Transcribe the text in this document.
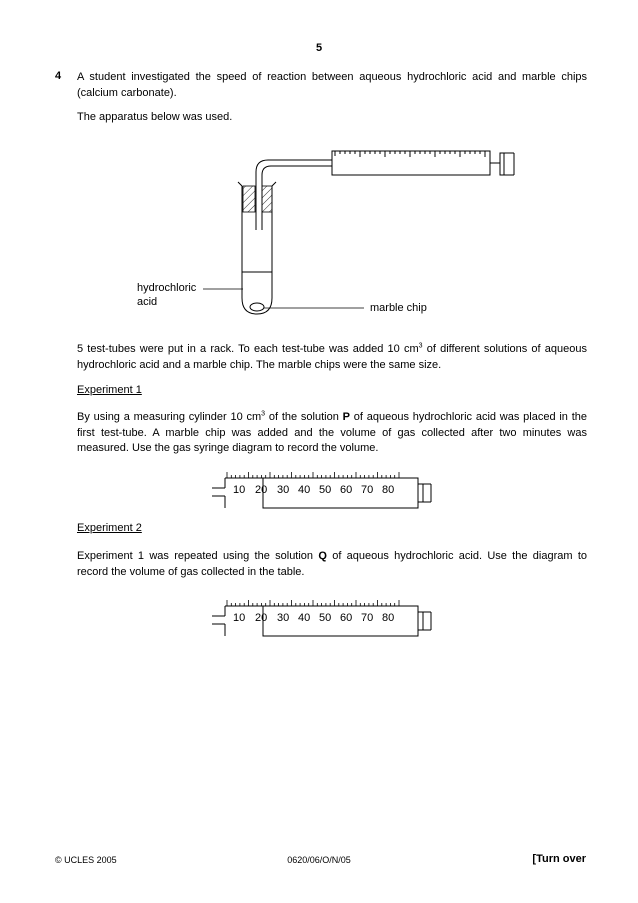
5
4 A student investigated the speed of reaction between aqueous hydrochloric acid and marble chips (calcium carbonate).
The apparatus below was used.
hydrochloric
acid	marble chip
5 test-tubes were put in a rack. To each test-tube was added 10 $cm^3$ of different solutions of aqueous hydrochloric acid and a marble chip. The marble chips were the same size.
Experiment 1
By using a measuring cylinder 10 $cm^3$ of the solution P of aqueous hydrochloric acid was placed in the first test-tube. A marble chip was added and the volume of gas collected after two minutes was measured. Use the gas syringe diagram to record the volume.
10 20 30 40 50 60 70 80
Experiment 2
Experiment 1 was repeated using the solution Q of aqueous hydrochloric acid. Use the diagram to record the volume of gas collected in the table.
10 20 30 40 50 60 70 80
© UCLES 2005	0620/06/O/N/05	[Turn over
